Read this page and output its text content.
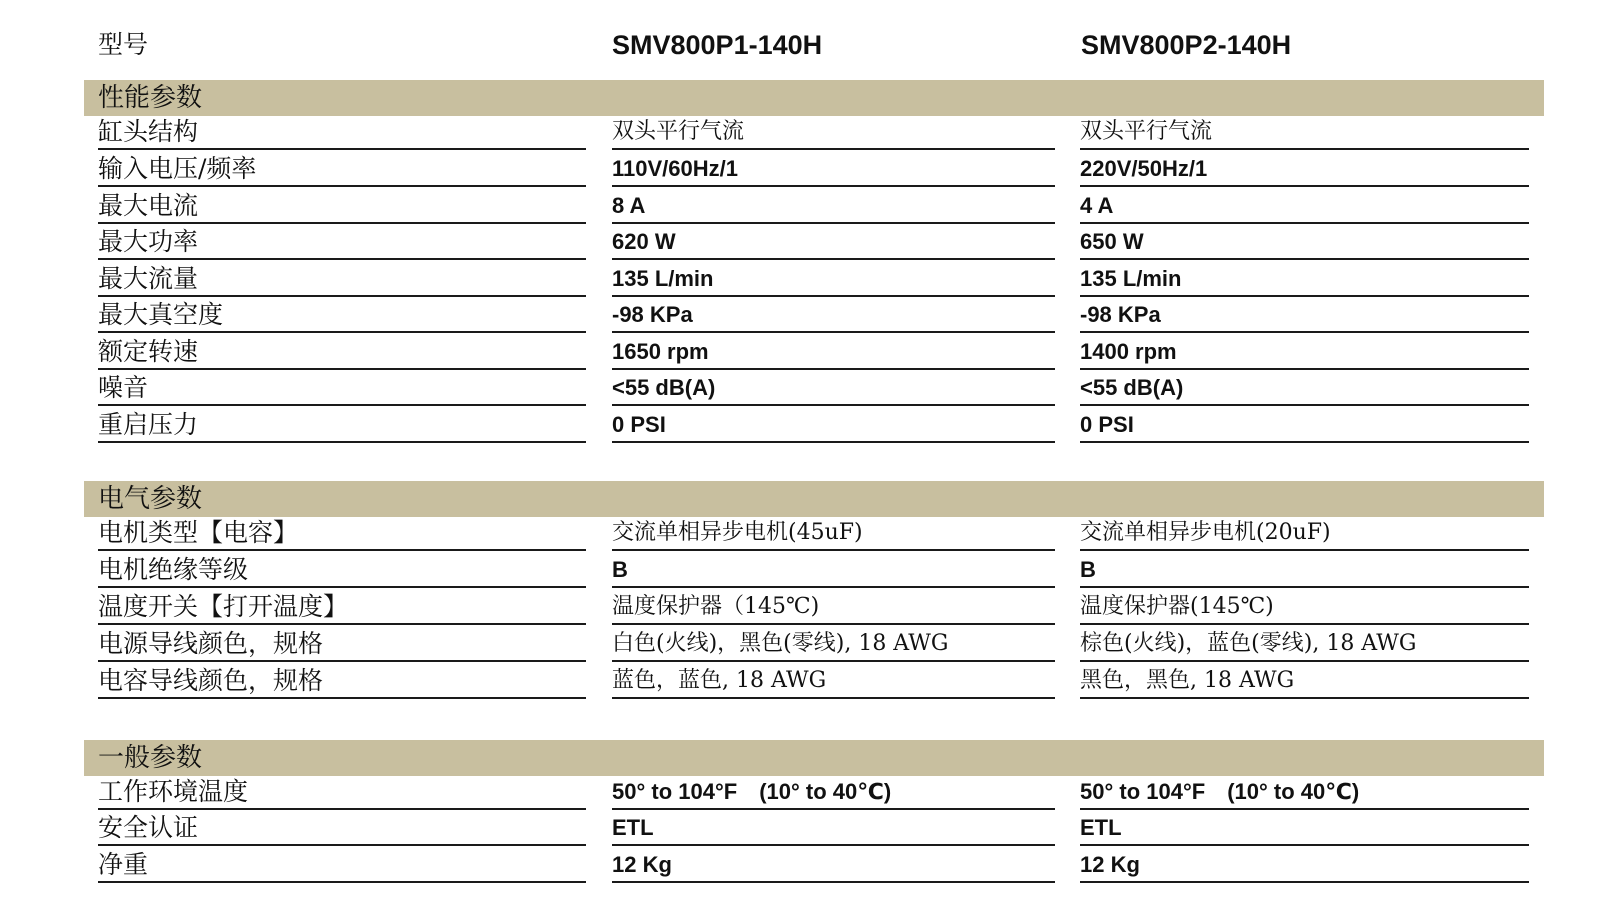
型号	SMV800P1-140H	SMV800P2-140H
性能参数
缸头结构	双头平行气流	双头平行气流
输入电压/频率	110V/60Hz/1	220V/50Hz/1
最大电流	8 A	4 A
最大功率	620 W	650 W
最大流量	135 L/min	135 L/min
最大真空度	-98 KPa	-98 KPa
额定转速	1650 rpm	1400 rpm
噪音	<55 dB(A)	<55 dB(A)
重启压力	0 PSI	0 PSI
电气参数
电机类型【电容】	交流单相异步电机(45uF)	交流单相异步电机(20uF)
电机绝缘等级	B	B
温度开关【打开温度】	温度保护器（145℃)	温度保护器(145℃)
电源导线颜色，规格	白色(火线)，黑色(零线), 18 AWG	棕色(火线)，蓝色(零线), 18 AWG
电容导线颜色，规格	蓝色，蓝色, 18 AWG	黑色，黑色, 18 AWG
一般参数
工作环境温度	50° to 104°F　(10° to 40℃)	50° to 104°F　(10° to 40℃)
安全认证	ETL	ETL
净重	12 Kg	12 Kg
